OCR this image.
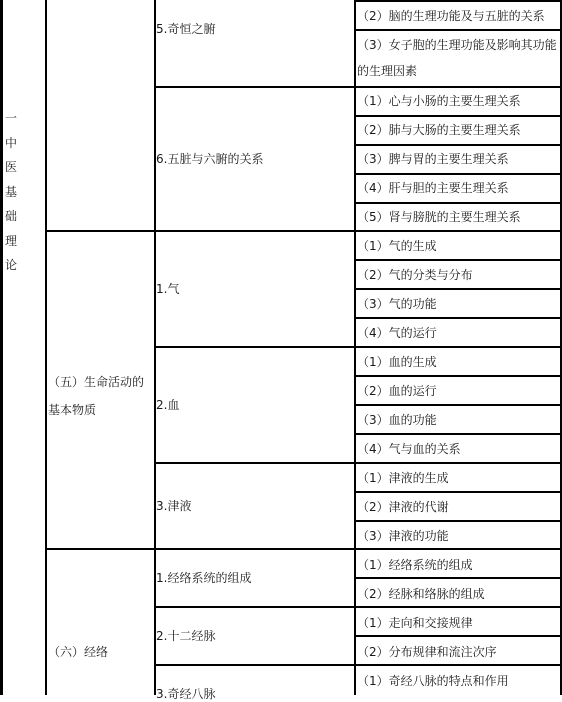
一
中
医
基
础
理
论
（五）生命活动的基本物质
（六）经络
5.奇恒之腑
6.五脏与六腑的关系
1.气
2.血
3.津液
1.经络系统的组成
2.十二经脉
3.奇经八脉
（2）脑的生理功能及与五脏的关系
（3）女子胞的生理功能及影响其功能的生理因素
（1）心与小肠的主要生理关系
（2）肺与大肠的主要生理关系
（3）脾与胃的主要生理关系
（4）肝与胆的主要生理关系
（5）肾与膀胱的主要生理关系
（1）气的生成
（2）气的分类与分布
（3）气的功能
（4）气的运行
（1）血的生成
（2）血的运行
（3）血的功能
（4）气与血的关系
（1）津液的生成
（2）津液的代谢
（3）津液的功能
（1）经络系统的组成
（2）经脉和络脉的组成
（1）走向和交接规律
（2）分布规律和流注次序
（1）奇经八脉的特点和作用
